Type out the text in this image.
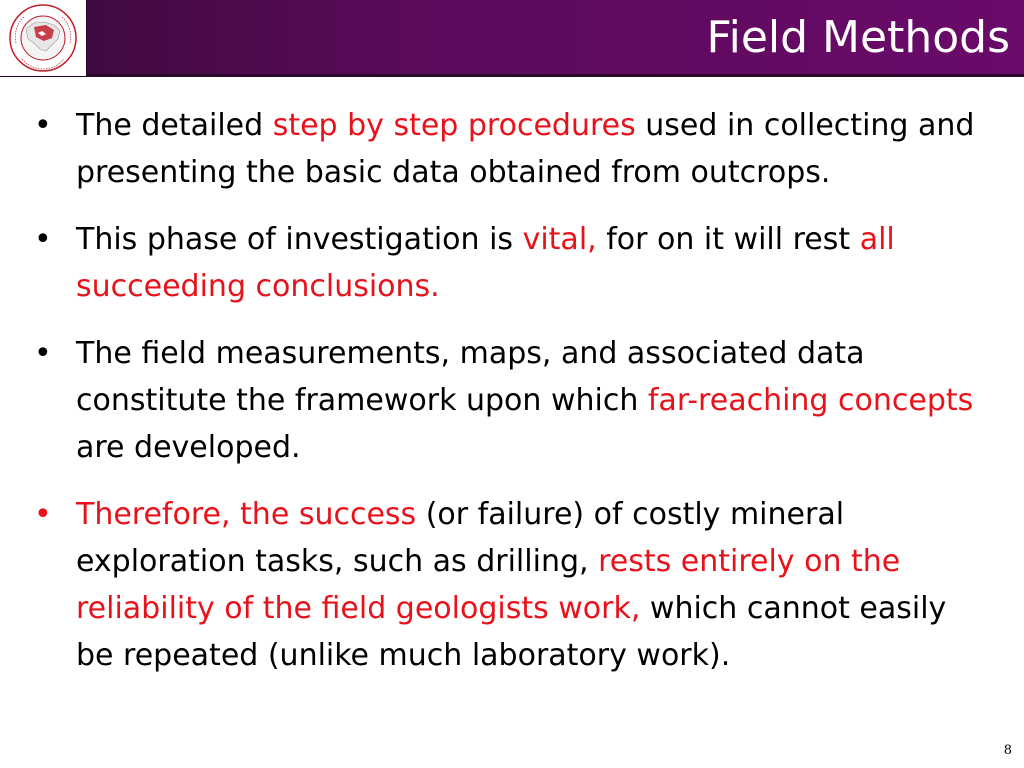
Field Methods
• The detailed step by step procedures used in collecting and presenting the basic data obtained from outcrops.
• This phase of investigation is vital, for on it will rest all succeeding conclusions.
• The field measurements, maps, and associated data constitute the framework upon which far-reaching concepts are developed.
• Therefore, the success (or failure) of costly mineral exploration tasks, such as drilling, rests entirely on the reliability of the field geologists work, which cannot easily be repeated (unlike much laboratory work).
8
